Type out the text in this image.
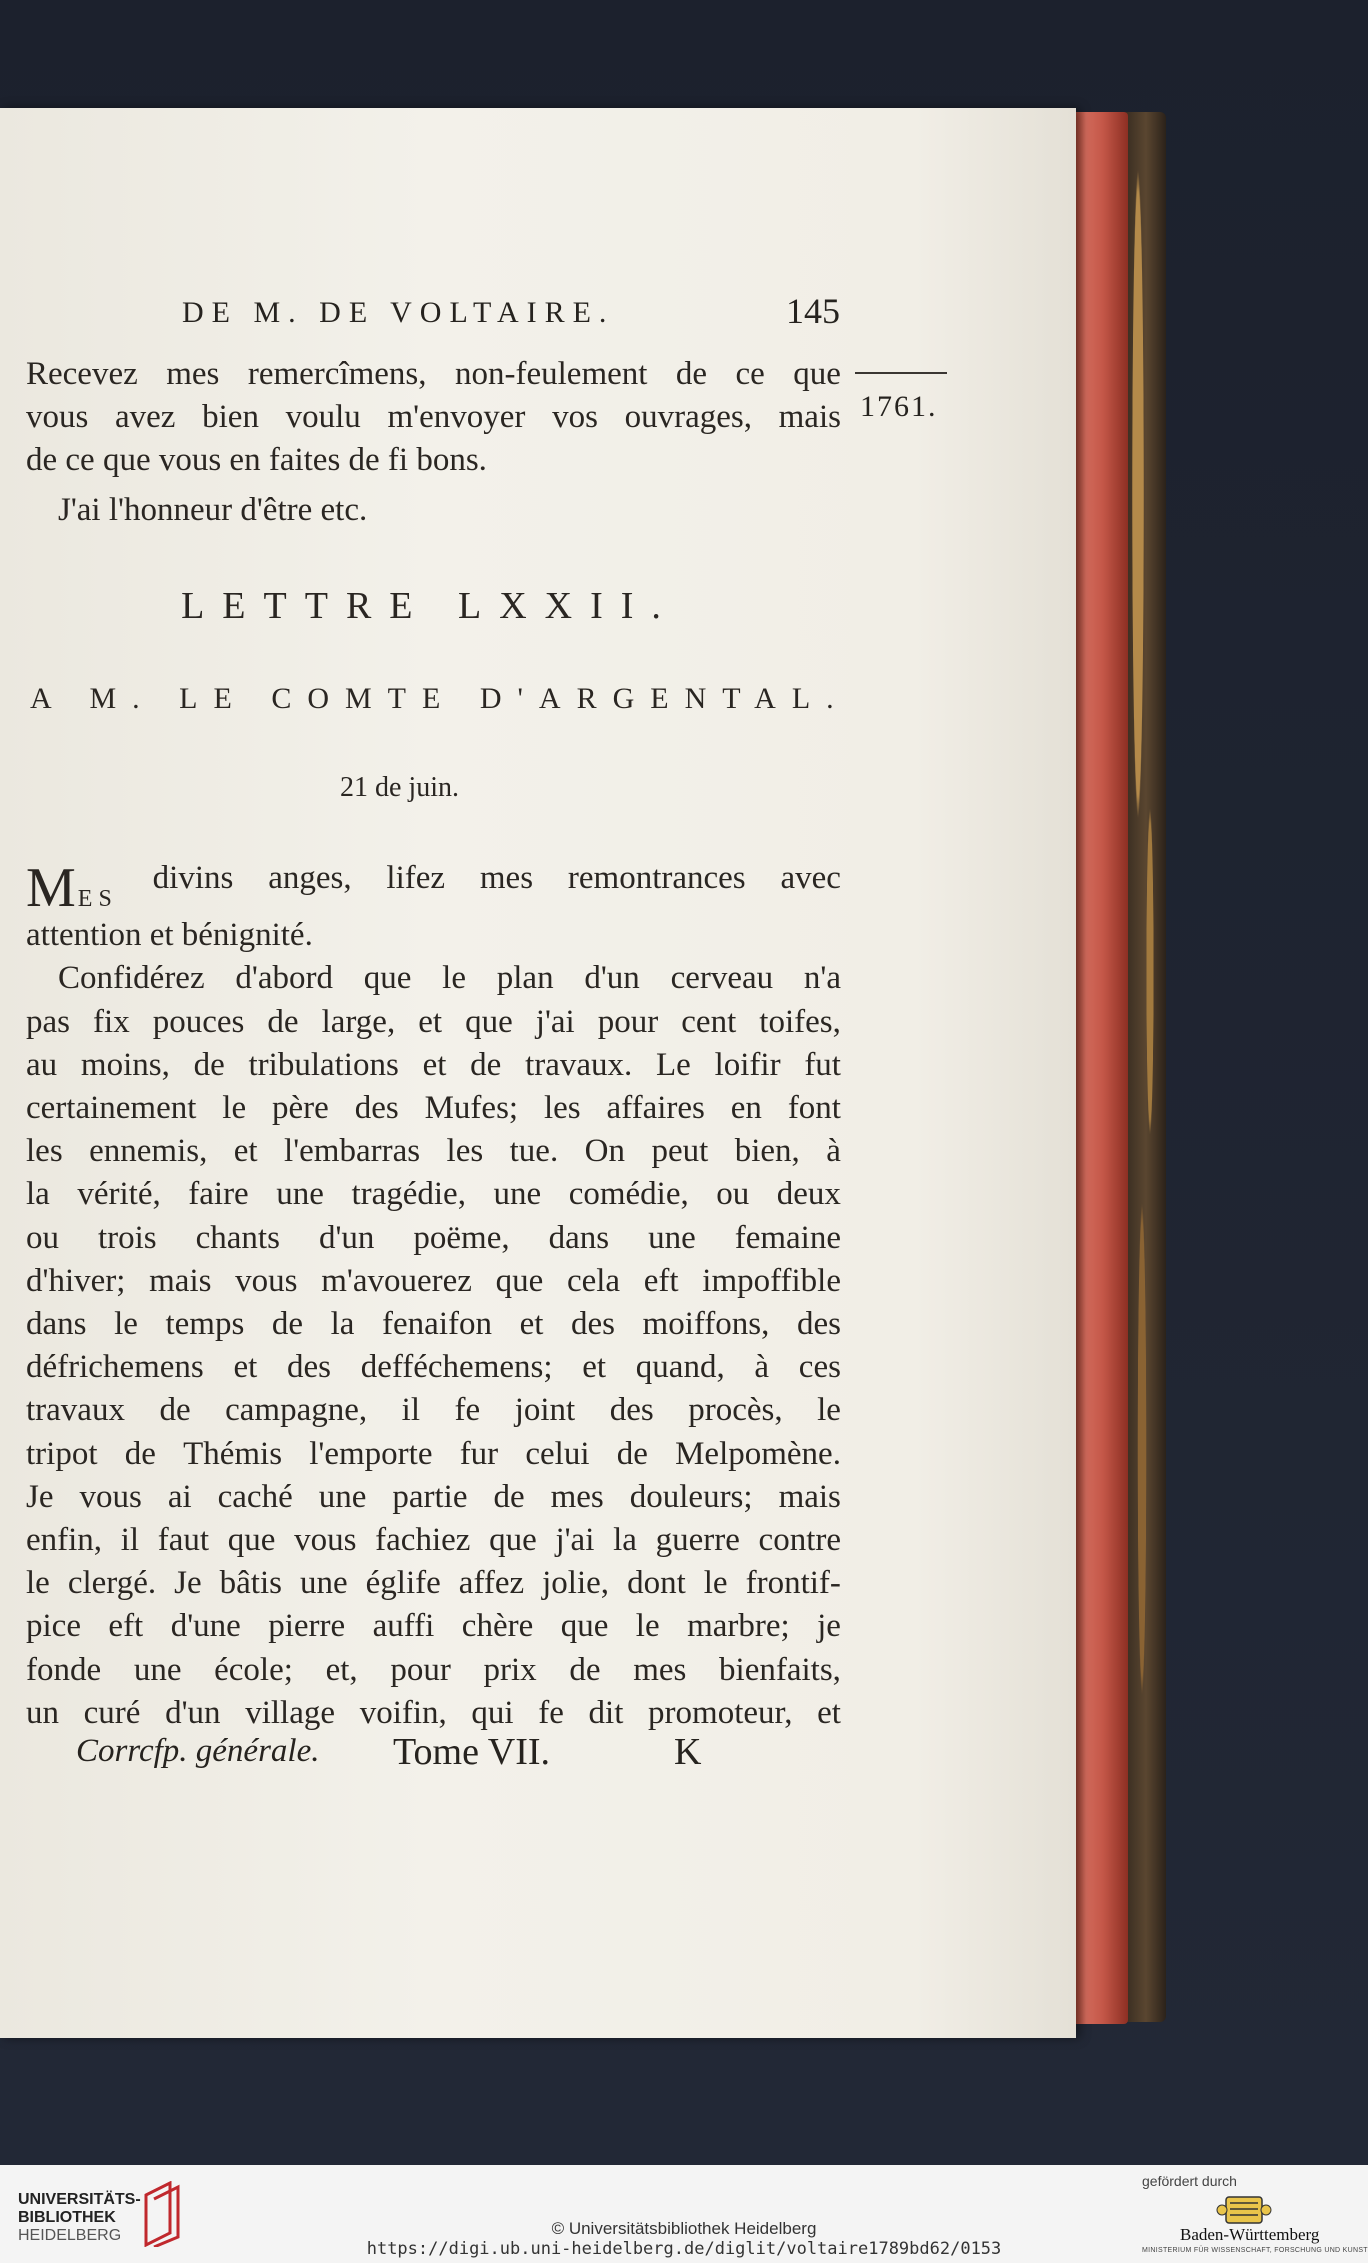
DE M. DE VOLTAIRE.	145
1761.
Recevez mes remercîmens, non-feulement de ce que
vous avez bien voulu m'envoyer vos ouvrages, mais
de ce que vous en faites de fi bons.
J'ai l'honneur d'être etc.
LETTRE LXXII.
A M. LE COMTE D'ARGENTAL.
21 de juin.
MES
divins anges, lifez mes remontrances avec
attention et bénignité.
Confidérez d'abord que le plan d'un cerveau n'a
pas fix pouces de large, et que j'ai pour cent toifes,
au moins, de tribulations et de travaux. Le loifir fut
certainement le père des Mufes; les affaires en font
les ennemis, et l'embarras les tue. On peut bien, à
la vérité, faire une tragédie, une comédie, ou deux
ou trois chants d'un poëme, dans une femaine
d'hiver; mais vous m'avouerez que cela eft impoffible
dans le temps de la fenaifon et des moiffons, des
défrichemens et des defféchemens; et quand, à ces
travaux de campagne, il fe joint des procès, le
tripot de Thémis l'emporte fur celui de Melpomène.
Je vous ai caché une partie de mes douleurs; mais
enfin, il faut que vous fachiez que j'ai la guerre contre
le clergé. Je bâtis une églife affez jolie, dont le frontif-
pice eft d'une pierre auffi chère que le marbre; je
fonde une école; et, pour prix de mes bienfaits,
un curé d'un village voifin, qui fe dit promoteur, et
Corrcfp. générale. Tome VII.	K
UNIVERSITÄTS-
BIBLIOTHEK
HEIDELBERG	© Universitätsbibliothek Heidelberg
https://digi.ub.uni-heidelberg.de/diglit/voltaire1789bd62/0153
gefördert durch
Baden-Württemberg
MINISTERIUM FÜR WISSENSCHAFT, FORSCHUNG UND KUNST
